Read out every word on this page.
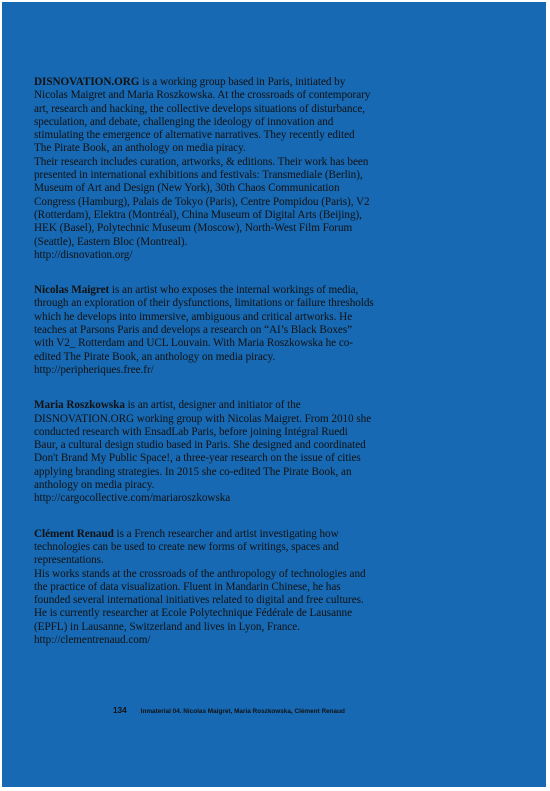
DISNOVATION.ORG is a working group based in Paris, initiated by Nicolas Maigret and Maria Roszkowska. At the crossroads of contemporary art, research and hacking, the collective develops situations of disturbance, speculation, and debate, challenging the ideology of innovation and stimulating the emergence of alternative narratives. They recently edited The Pirate Book, an anthology on media piracy.

Their research includes curation, artworks, & editions. Their work has been presented in international exhibitions and festivals: Transmediale (Berlin), Museum of Art and Design (New York), 30th Chaos Communication Congress (Hamburg), Palais de Tokyo (Paris), Centre Pompidou (Paris), V2 (Rotterdam), Elektra (Montréal), China Museum of Digital Arts (Beijing), HEK (Basel), Polytechnic Museum (Moscow), North-West Film Forum (Seattle), Eastern Bloc (Montreal).

http://disnovation.org/

Nicolas Maigret is an artist who exposes the internal workings of media, through an exploration of their dysfunctions, limitations or failure thresholds which he develops into immersive, ambiguous and critical artworks. He teaches at Parsons Paris and develops a research on “AI’s Black Boxes” with V2_ Rotterdam and UCL Louvain. With Maria Roszkowska he co-edited The Pirate Book, an anthology on media piracy.

http://peripheriques.free.fr/

Maria Roszkowska is an artist, designer and initiator of the DISNOVATION.ORG working group with Nicolas Maigret. From 2010 she conducted research with EnsadLab Paris, before joining Intégral Ruedi Baur, a cultural design studio based in Paris. She designed and coordinated Don't Brand My Public Space!, a three-year research on the issue of cities applying branding strategies. In 2015 she co-edited The Pirate Book, an anthology on media piracy.

http://cargocollective.com/mariaroszkowska

Clément Renaud is a French researcher and artist investigating how technologies can be used to create new forms of writings, spaces and representations.

His works stands at the crossroads of the anthropology of technologies and the practice of data visualization. Fluent in Mandarin Chinese, he has founded several international initiatives related to digital and free cultures. He is currently researcher at Ecole Polytechnique Fédérale de Lausanne (EPFL) in Lausanne, Switzerland and lives in Lyon, France.

http://clementrenaud.com/

134 Inmaterial 04. Nicolas Maigret, Maria Roszkowska, Clément Renaud
